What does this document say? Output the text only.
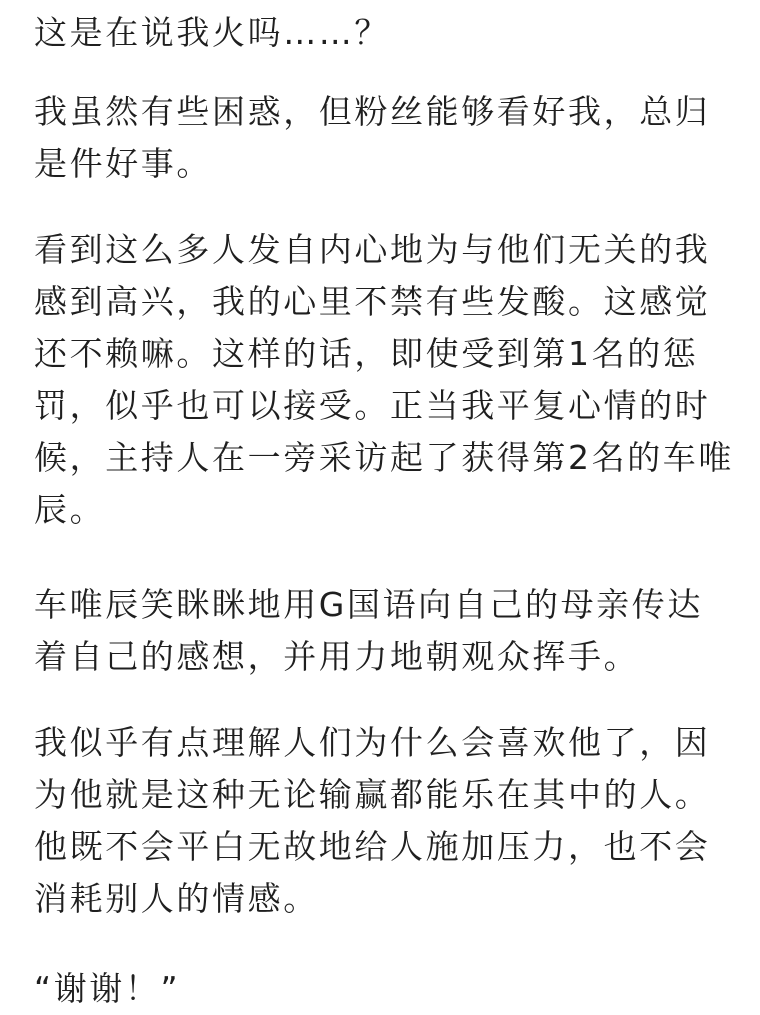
这是在说我火吗……？
我虽然有些困惑，但粉丝能够看好我，总归
是件好事。
看到这么多人发自内心地为与他们无关的我
感到高兴，我的心里不禁有些发酸。这感觉
还不赖嘛。这样的话，即使受到第1名的惩
罚，似乎也可以接受。正当我平复心情的时
候，主持人在一旁采访起了获得第2名的车唯
辰。
车唯辰笑眯眯地用G国语向自己的母亲传达
着自己的感想，并用力地朝观众挥手。
我似乎有点理解人们为什么会喜欢他了，因
为他就是这种无论输赢都能乐在其中的人。
他既不会平白无故地给人施加压力，也不会
消耗别人的情感。
“谢谢！”
